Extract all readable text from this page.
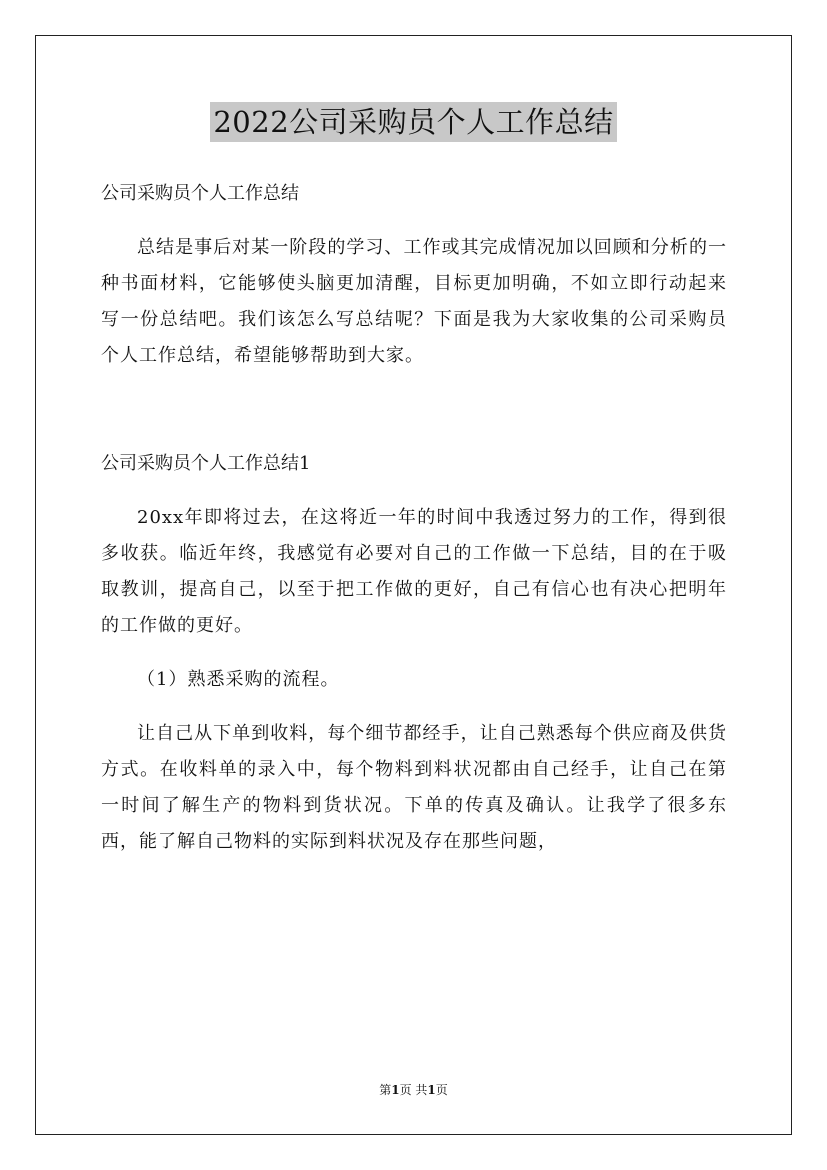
2022公司采购员个人工作总结

公司采购员个人工作总结

总结是事后对某一阶段的学习、工作或其完成情况加以回顾和分析的一种书面材料，它能够使头脑更加清醒，目标更加明确，不如立即行动起来写一份总结吧。我们该怎么写总结呢？下面是我为大家收集的公司采购员个人工作总结，希望能够帮助到大家。

公司采购员个人工作总结1

20xx年即将过去，在这将近一年的时间中我透过努力的工作，得到很多收获。临近年终，我感觉有必要对自己的工作做一下总结，目的在于吸取教训，提高自己，以至于把工作做的更好，自己有信心也有决心把明年的工作做的更好。

（1）熟悉采购的流程。

让自己从下单到收料，每个细节都经手，让自己熟悉每个供应商及供货方式。在收料单的录入中，每个物料到料状况都由自己经手，让自己在第一时间了解生产的物料到货状况。下单的传真及确认。让我学了很多东西，能了解自己物料的实际到料状况及存在那些问题，

第1页 共1页
